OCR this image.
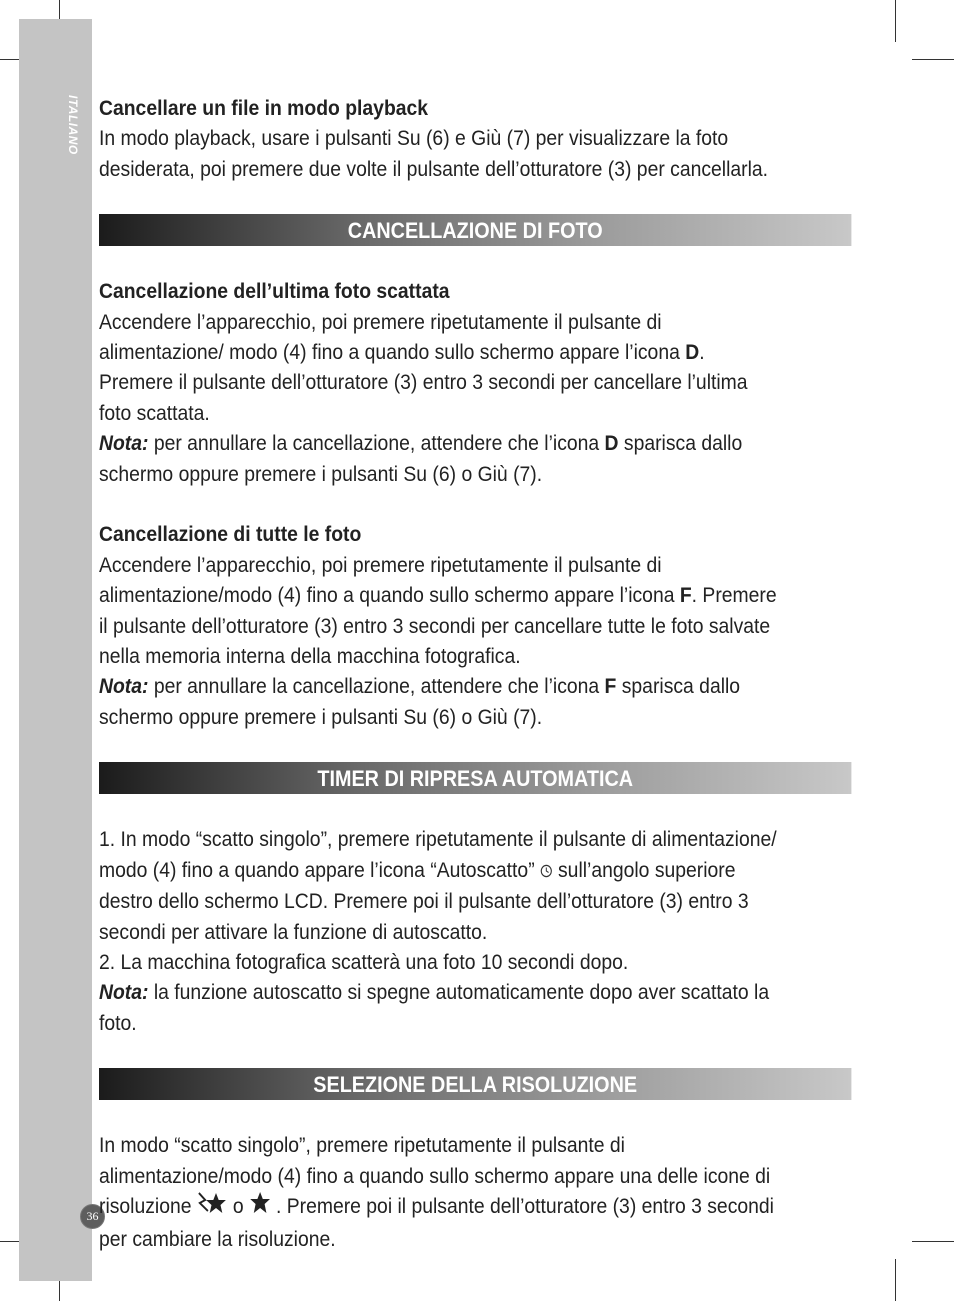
ITALIANO
36
Cancellare un file in modo playback

In modo playback, usare i pulsanti Su (6) e Giù (7) per visualizzare la foto desiderata, poi premere due volte il pulsante dell’otturatore (3) per cancellarla.

CANCELLAZIONE DI FOTO
Cancellazione dell’ultima foto scattata

Accendere l’apparecchio, poi premere ripetutamente il pulsante di alimentazione/ modo (4) fino a quando sullo schermo appare l’icona D. Premere il pulsante dell’otturatore (3) entro 3 secondi per cancellare l’ultima foto scattata.

Nota: per annullare la cancellazione, attendere che l’icona D sparisca dallo schermo oppure premere i pulsanti Su (6) o Giù (7).

Cancellazione di tutte le foto

Accendere l’apparecchio, poi premere ripetutamente il pulsante di alimentazione/modo (4) fino a quando sullo schermo appare l’icona F. Premere il pulsante dell’otturatore (3) entro 3 secondi per cancellare tutte le foto salvate nella memoria interna della macchina fotografica.

Nota: per annullare la cancellazione, attendere che l’icona F sparisca dallo schermo oppure premere i pulsanti Su (6) o Giù (7).

TIMER DI RIPRESA AUTOMATICA

1. In modo “scatto singolo”, premere ripetutamente il pulsante di alimentazione/ modo (4) fino a quando appare l’icona “Autoscatto”  sull’angolo superiore destro dello schermo LCD. Premere poi il pulsante dell’otturatore (3) entro 3 secondi per attivare la funzione di autoscatto.

2. La macchina fotografica scatterà una foto 10 secondi dopo.

Nota: la funzione autoscatto si spegne automaticamente dopo aver scattato la foto.

SELEZIONE DELLA RISOLUZIONE

In modo “scatto singolo”, premere ripetutamente il pulsante di alimentazione/modo (4) fino a quando sullo schermo appare una delle icone di risoluzione  o  . Premere poi il pulsante dell’otturatore (3) entro 3 secondi per cambiare la risoluzione.
